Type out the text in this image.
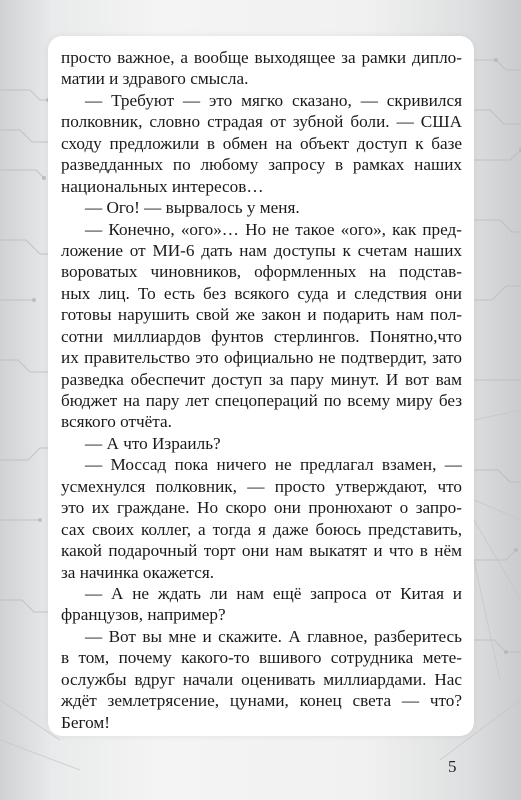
просто важное, а вообще выходящее за рамки дипло-
матии и здравого смысла.
— Требуют — это мягко сказано, — скривился
полковник, словно страдая от зубной боли. — США
сходу предложили в обмен на объект доступ к базе
разведданных по любому запросу в рамках наших
национальных интересов…
— Ого! — вырвалось у меня.
— Конечно, «ого»… Но не такое «ого», как пред-
ложение от МИ-6 дать нам доступы к счетам наших
вороватых чиновников, оформленных на подстав-
ных лиц. То есть без всякого суда и следствия они
готовы нарушить свой же закон и подарить нам пол-
сотни миллиардов фунтов стерлингов. Понятно,что
их правительство это официально не подтвердит, зато
разведка обеспечит доступ за пару минут. И вот вам
бюджет на пару лет спецопераций по всему миру без
всякого отчёта.
— А что Израиль?
— Моссад пока ничего не предлагал взамен, —
усмехнулся полковник, — просто утверждают, что
это их граждане. Но скоро они пронюхают о запро-
сах своих коллег, а тогда я даже боюсь представить,
какой подарочный торт они нам выкатят и что в нём
за начинка окажется.
— А не ждать ли нам ещё запроса от Китая и
французов, например?
— Вот вы мне и скажите. А главное, разберитесь
в том, почему какого-то вшивого сотрудника мете-
ослужбы вдруг начали оценивать миллиардами. Нас
ждёт землетрясение, цунами, конец света — что?
Бегом!
5
